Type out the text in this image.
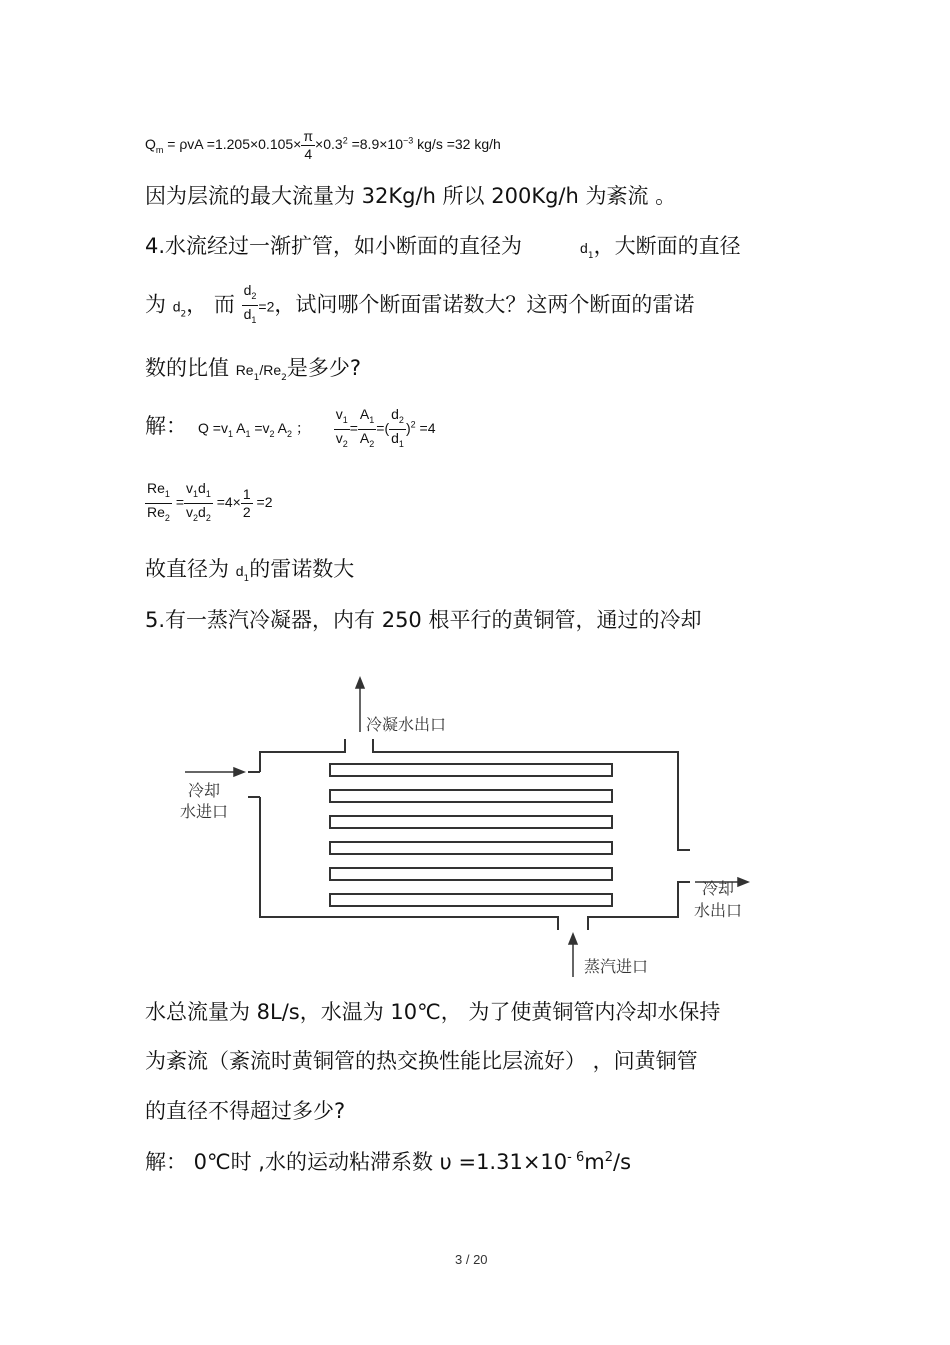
$Q_m = \rho vA =1.205\times 0.105\times \frac{\pi}{4} \times 0.3^2 =8.9\times 10^{-3}$ kg/s =32 kg/h
因为层流的最大流量为 32Kg/h 所以 200Kg/h 为紊流 。
4.水流经过一渐扩管，如小断面的直径为	$d_1$，大断面的直径
为 $d_2$， 而 $\frac{d_2}{d_1} =2$，试问哪个断面雷诺数大？这两个断面的雷诺
数的比值 $Re_1/Re_2$是多少?
解： $Q =v_1$ $A_1 =v_2$ $A_2$ ； $\frac{v_1}{v_2} = \frac{A_1}{A_2}$ =( $\frac{d_2}{d_1} )^2 =4$
$\frac{Re_1}{Re_2} = \frac{v_1d_1}{v_2d_2} =4\times \frac{1}{2} =2$
故直径为 $d_1$的雷诺数大
5.有一蒸汽冷凝器，内有 250 根平行的黄铜管，通过的冷却
冷凝水出口
冷却
水进口
冷却
水出口
蒸汽进口
水总流量为 8L/s，水温为 10℃， 为了使黄铜管内冷却水保持
为紊流（紊流时黄铜管的热交换性能比层流好） ，问黄铜管
的直径不得超过多少?
解： 0℃时 ,水的运动粘滞系数 $\upsilon =1.31\times 10^{- 6}m^2/s$
3 / 20
